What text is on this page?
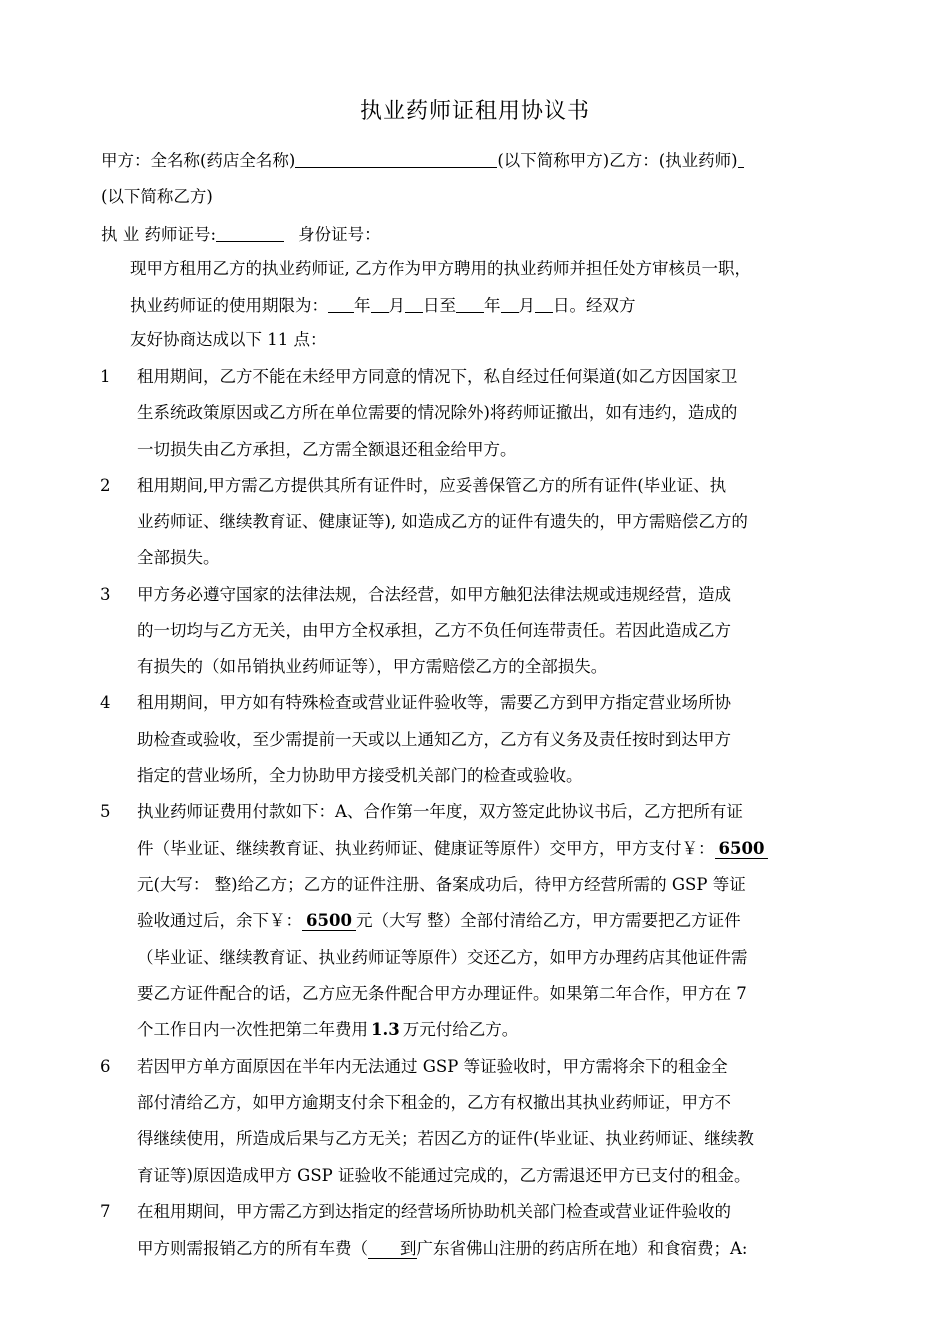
执业药师证租用协议书
甲方：全名称(药店全名称)	(以下简称甲方)乙方：(执业药师)
(以下简称乙方)
执 业 药师证号:	身份证号：
现甲方租用乙方的执业药师证, 乙方作为甲方聘用的执业药师并担任处方审核员一职，
执业药师证的使用期限为： 年 月 日至 年 月 日。经双方
友好协商达成以下 11 点：
1 租用期间，乙方不能在未经甲方同意的情况下，私自经过任何渠道(如乙方因国家卫
生系统政策原因或乙方所在单位需要的情况除外)将药师证撤出，如有违约，造成的
一切损失由乙方承担，乙方需全额退还租金给甲方。
2 租用期间,甲方需乙方提供其所有证件时，应妥善保管乙方的所有证件(毕业证、执
业药师证、继续教育证、健康证等), 如造成乙方的证件有遗失的，甲方需赔偿乙方的
全部损失。
3 甲方务必遵守国家的法律法规，合法经营，如甲方触犯法律法规或违规经营，造成
的一切均与乙方无关，由甲方全权承担，乙方不负任何连带责任。若因此造成乙方
有损失的（如吊销执业药师证等），甲方需赔偿乙方的全部损失。
4 租用期间，甲方如有特殊检查或营业证件验收等，需要乙方到甲方指定营业场所协
助检查或验收，至少需提前一天或以上通知乙方，乙方有义务及责任按时到达甲方
指定的营业场所，全力协助甲方接受机关部门的检查或验收。
5 执业药师证费用付款如下：A、合作第一年度，双方签定此协议书后，乙方把所有证
件（毕业证、继续教育证、执业药师证、健康证等原件）交甲方，甲方支付￥： 6500
元(大写： 整)给乙方；乙方的证件注册、备案成功后，待甲方经营所需的 GSP 等证
验收通过后，余下￥： 6500 元（大写 整）全部付清给乙方，甲方需要把乙方证件
（毕业证、继续教育证、执业药师证等原件）交还乙方，如甲方办理药店其他证件需
要乙方证件配合的话，乙方应无条件配合甲方办理证件。如果第二年合作，甲方在 7
个工作日内一次性把第二年费用 1.3 万元付给乙方。
6 若因甲方单方面原因在半年内无法通过 GSP 等证验收时，甲方需将余下的租金全
部付清给乙方，如甲方逾期支付余下租金的，乙方有权撤出其执业药师证，甲方不
得继续使用，所造成后果与乙方无关；若因乙方的证件(毕业证、执业药师证、继续教
育证等)原因造成甲方 GSP 证验收不能通过完成的，乙方需退还甲方已支付的租金。
7 在租用期间，甲方需乙方到达指定的经营场所协助机关部门检查或营业证件验收的
甲方则需报销乙方的所有车费（ 到广东省佛山注册的药店所在地）和食宿费；A:
